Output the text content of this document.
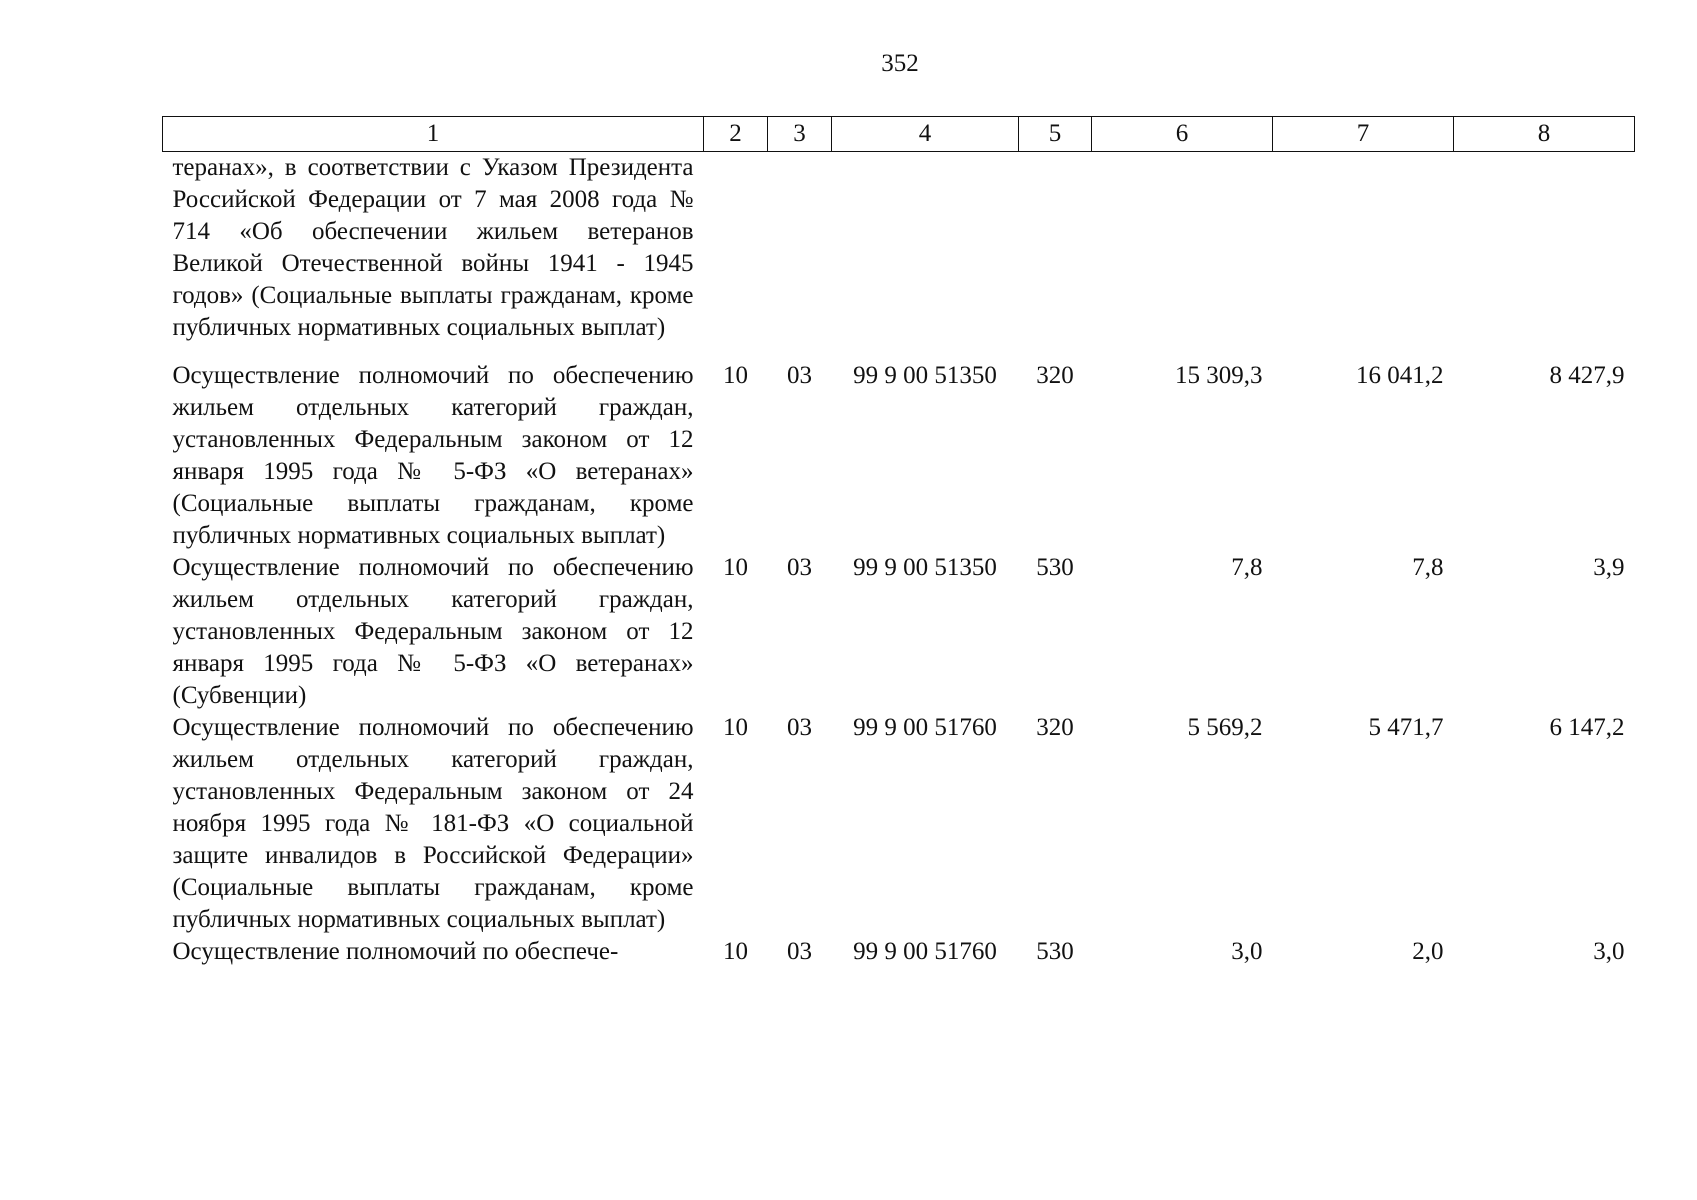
352
1	2	3	4	5	6	7	8
теранах», в соответствии с Указом Президента Российской Федерации от 7 мая 2008 года № 714 «Об обеспечении жильем ветеранов Великой Отечественной войны 1941 - 1945 годов» (Социальные выплаты гражданам, кроме публичных нормативных социальных выплат)							
Осуществление полномочий по обеспечению жильем отдельных категорий граждан, установленных Федеральным законом от 12 января 1995 года № 5-ФЗ «О ветеранах» (Социальные выплаты гражданам, кроме публичных нормативных социальных выплат)	10	03	99 9 00 51350	320	15 309,3	16 041,2	8 427,9
Осуществление полномочий по обеспечению жильем отдельных категорий граждан, установленных Федеральным законом от 12 января 1995 года № 5-ФЗ «О ветеранах» (Субвенции)	10	03	99 9 00 51350	530	7,8	7,8	3,9
Осуществление полномочий по обеспечению жильем отдельных категорий граждан, установленных Федеральным законом от 24 ноября 1995 года № 181-ФЗ «О социальной защите инвалидов в Российской Федерации» (Социальные выплаты гражданам, кроме публичных нормативных социальных выплат)	10	03	99 9 00 51760	320	5 569,2	5 471,7	6 147,2
Осуществление полномочий по обеспече-	10	03	99 9 00 51760	530	3,0	2,0	3,0
